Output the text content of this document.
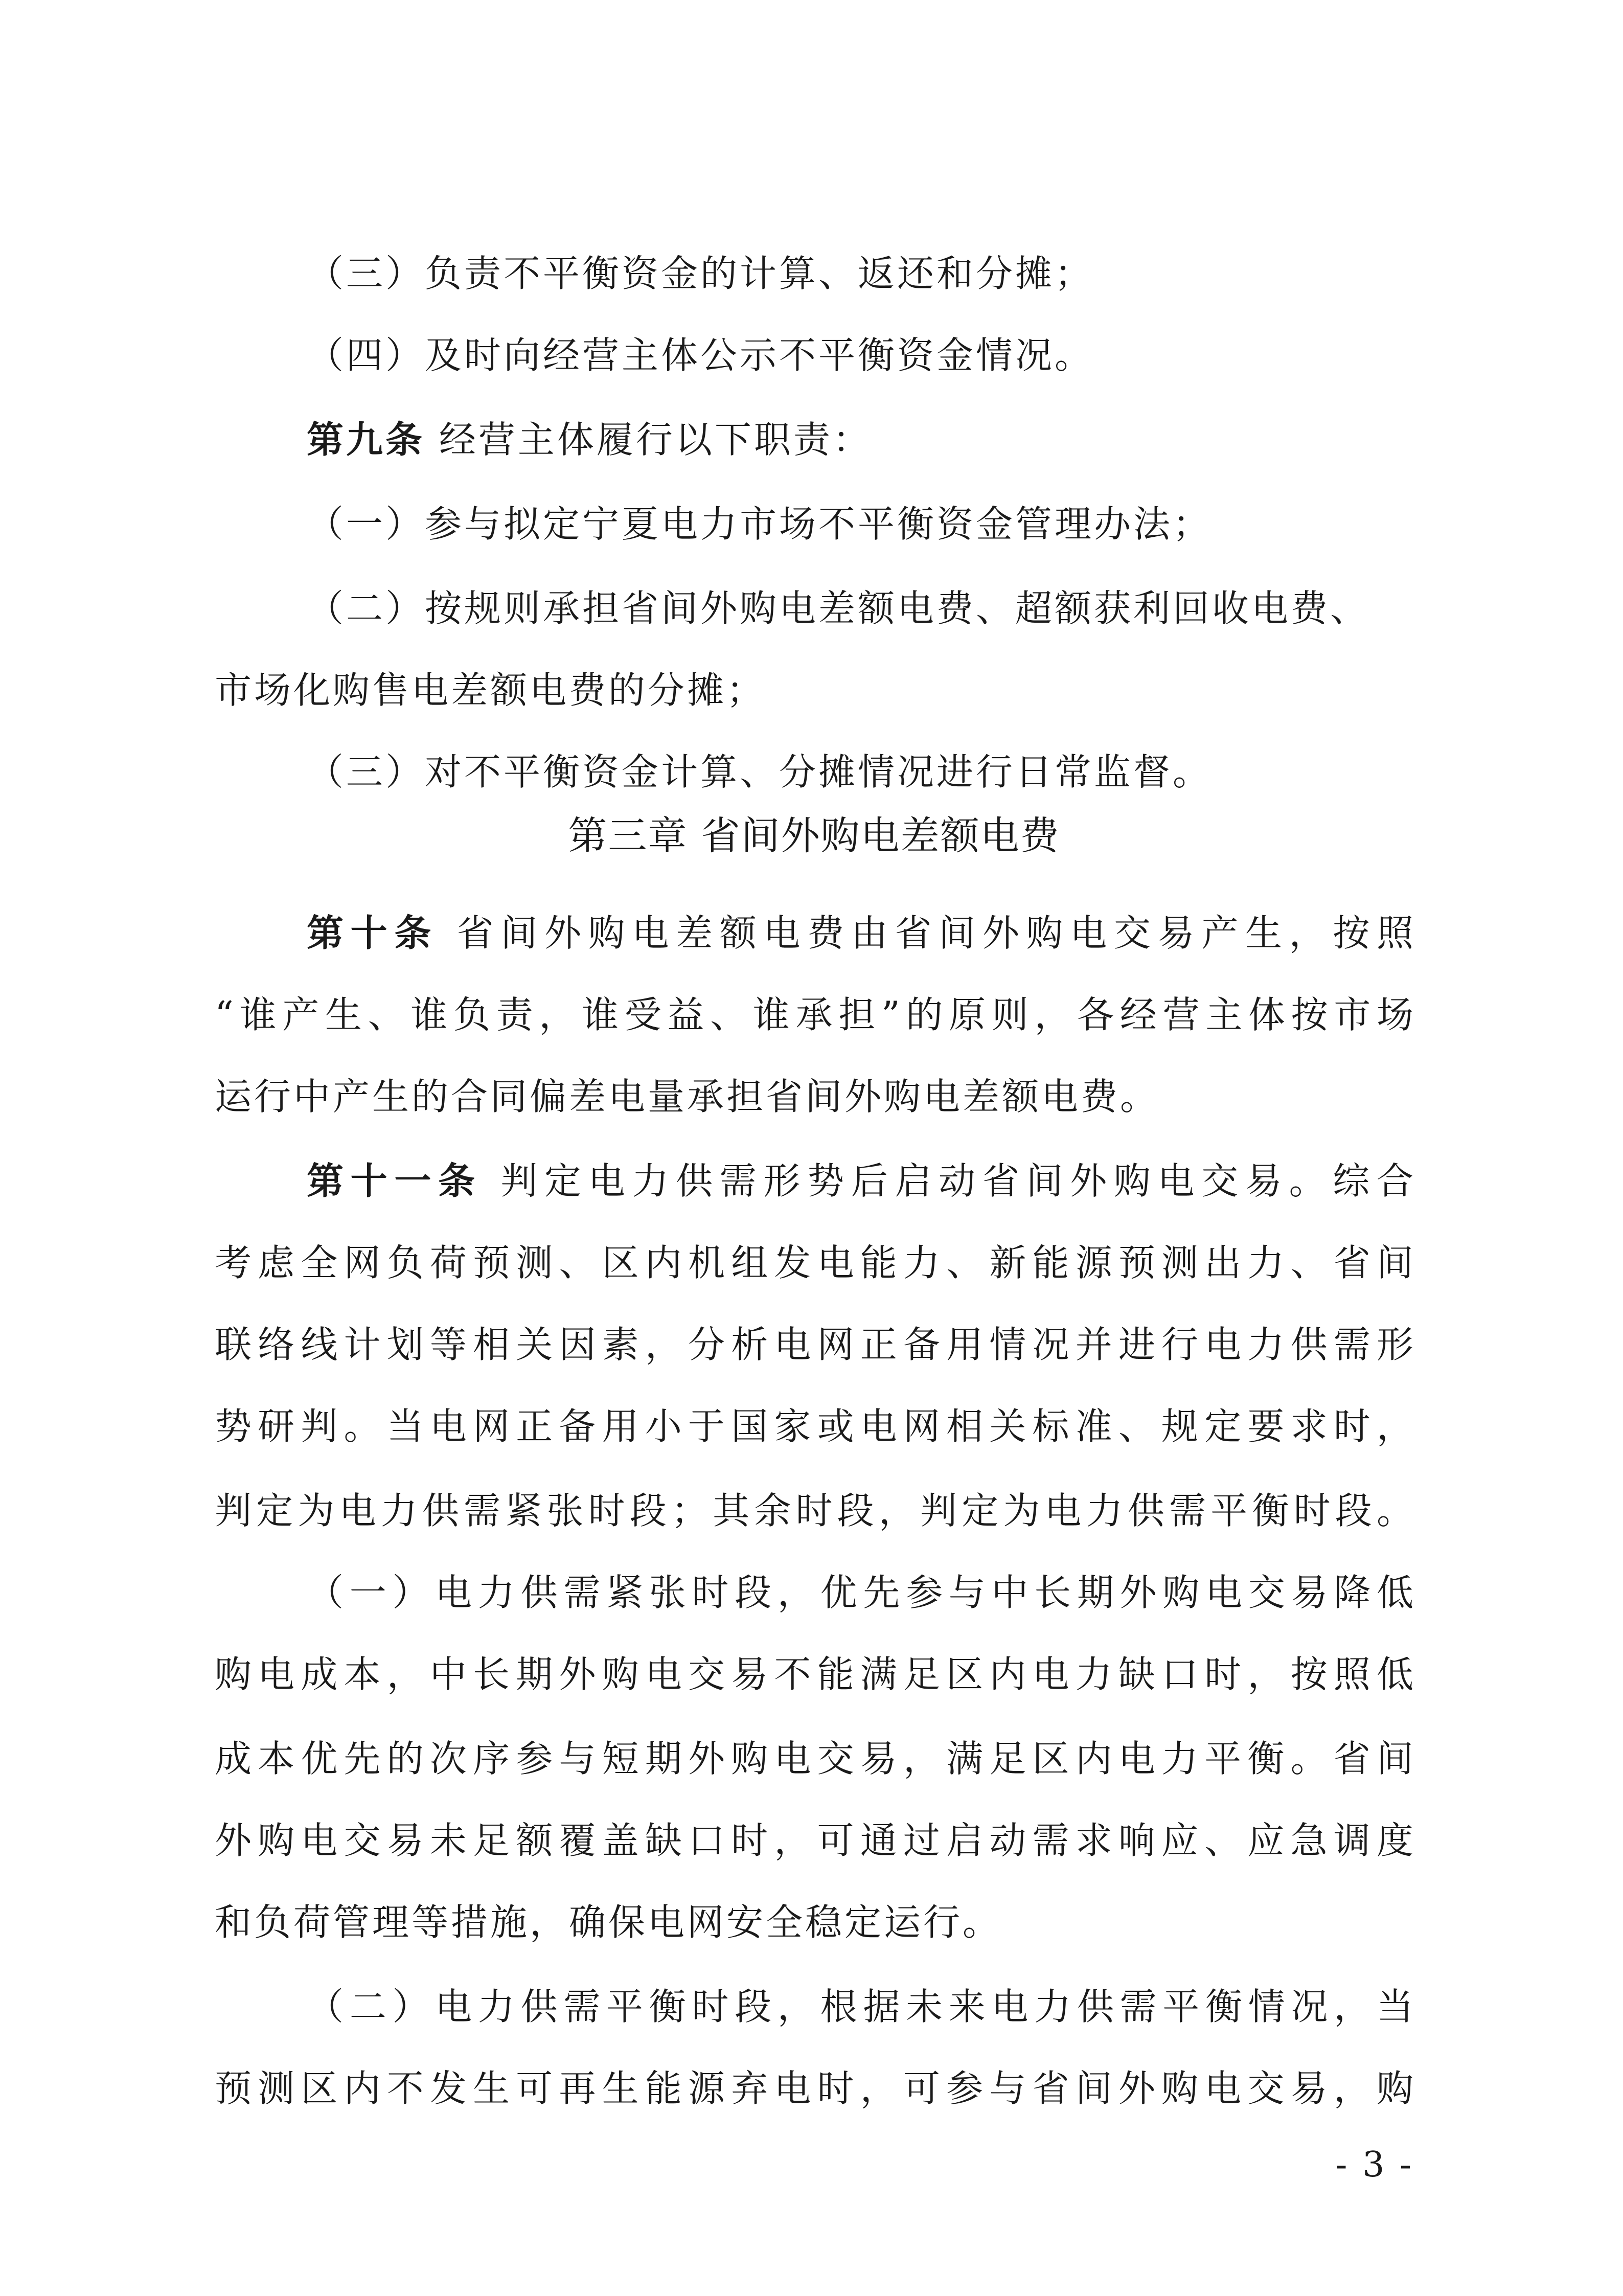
（三）负责不平衡资金的计算、返还和分摊；
（四）及时向经营主体公示不平衡资金情况。
第九条 经营主体履行以下职责：
（一）参与拟定宁夏电力市场不平衡资金管理办法；
（二）按规则承担省间外购电差额电费、超额获利回收电费、
市场化购售电差额电费的分摊；
（三）对不平衡资金计算、分摊情况进行日常监督。
第三章 省间外购电差额电费
第十条 省间外购电差额电费由省间外购电交易产生，按照
“谁产生、谁负责，谁受益、谁承担”的原则，各经营主体按市场
运行中产生的合同偏差电量承担省间外购电差额电费。
第十一条 判定电力供需形势后启动省间外购电交易。综合
考虑全网负荷预测、区内机组发电能力、新能源预测出力、省间
联络线计划等相关因素，分析电网正备用情况并进行电力供需形
势研判。当电网正备用小于国家或电网相关标准、规定要求时，
判定为电力供需紧张时段；其余时段，判定为电力供需平衡时段。
（一）电力供需紧张时段，优先参与中长期外购电交易降低
购电成本，中长期外购电交易不能满足区内电力缺口时，按照低
成本优先的次序参与短期外购电交易，满足区内电力平衡。省间
外购电交易未足额覆盖缺口时，可通过启动需求响应、应急调度
和负荷管理等措施，确保电网安全稳定运行。
（二）电力供需平衡时段，根据未来电力供需平衡情况，当
预测区内不发生可再生能源弃电时，可参与省间外购电交易，购
- 3 -
